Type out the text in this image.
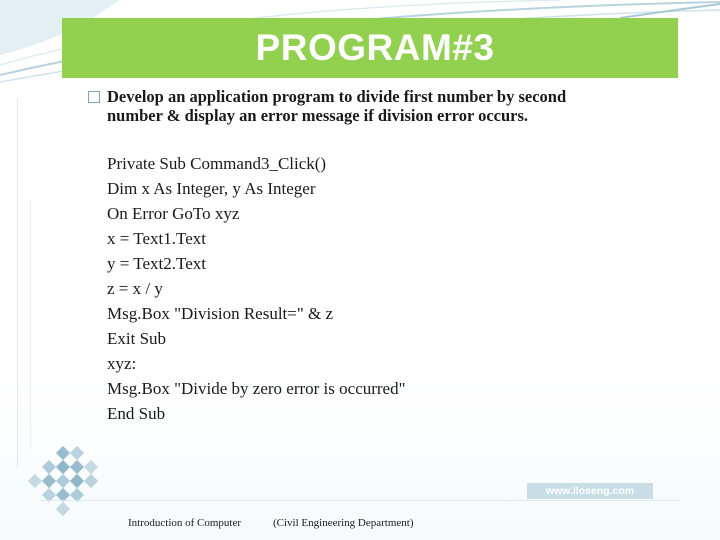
PROGRAM#3
Develop an application program to divide first number by second
number & display an error message if division error occurs.
Private Sub Command3_Click()
Dim x As Integer, y As Integer
On Error GoTo xyz
x = Text1.Text
y = Text2.Text
z = x / y
Msg.Box "Division Result=" & z
Exit Sub
xyz:
Msg.Box "Divide by zero error is occurred"
End Sub
www.lloseng.com
Introduction of Computer	(Civil Engineering Department)
